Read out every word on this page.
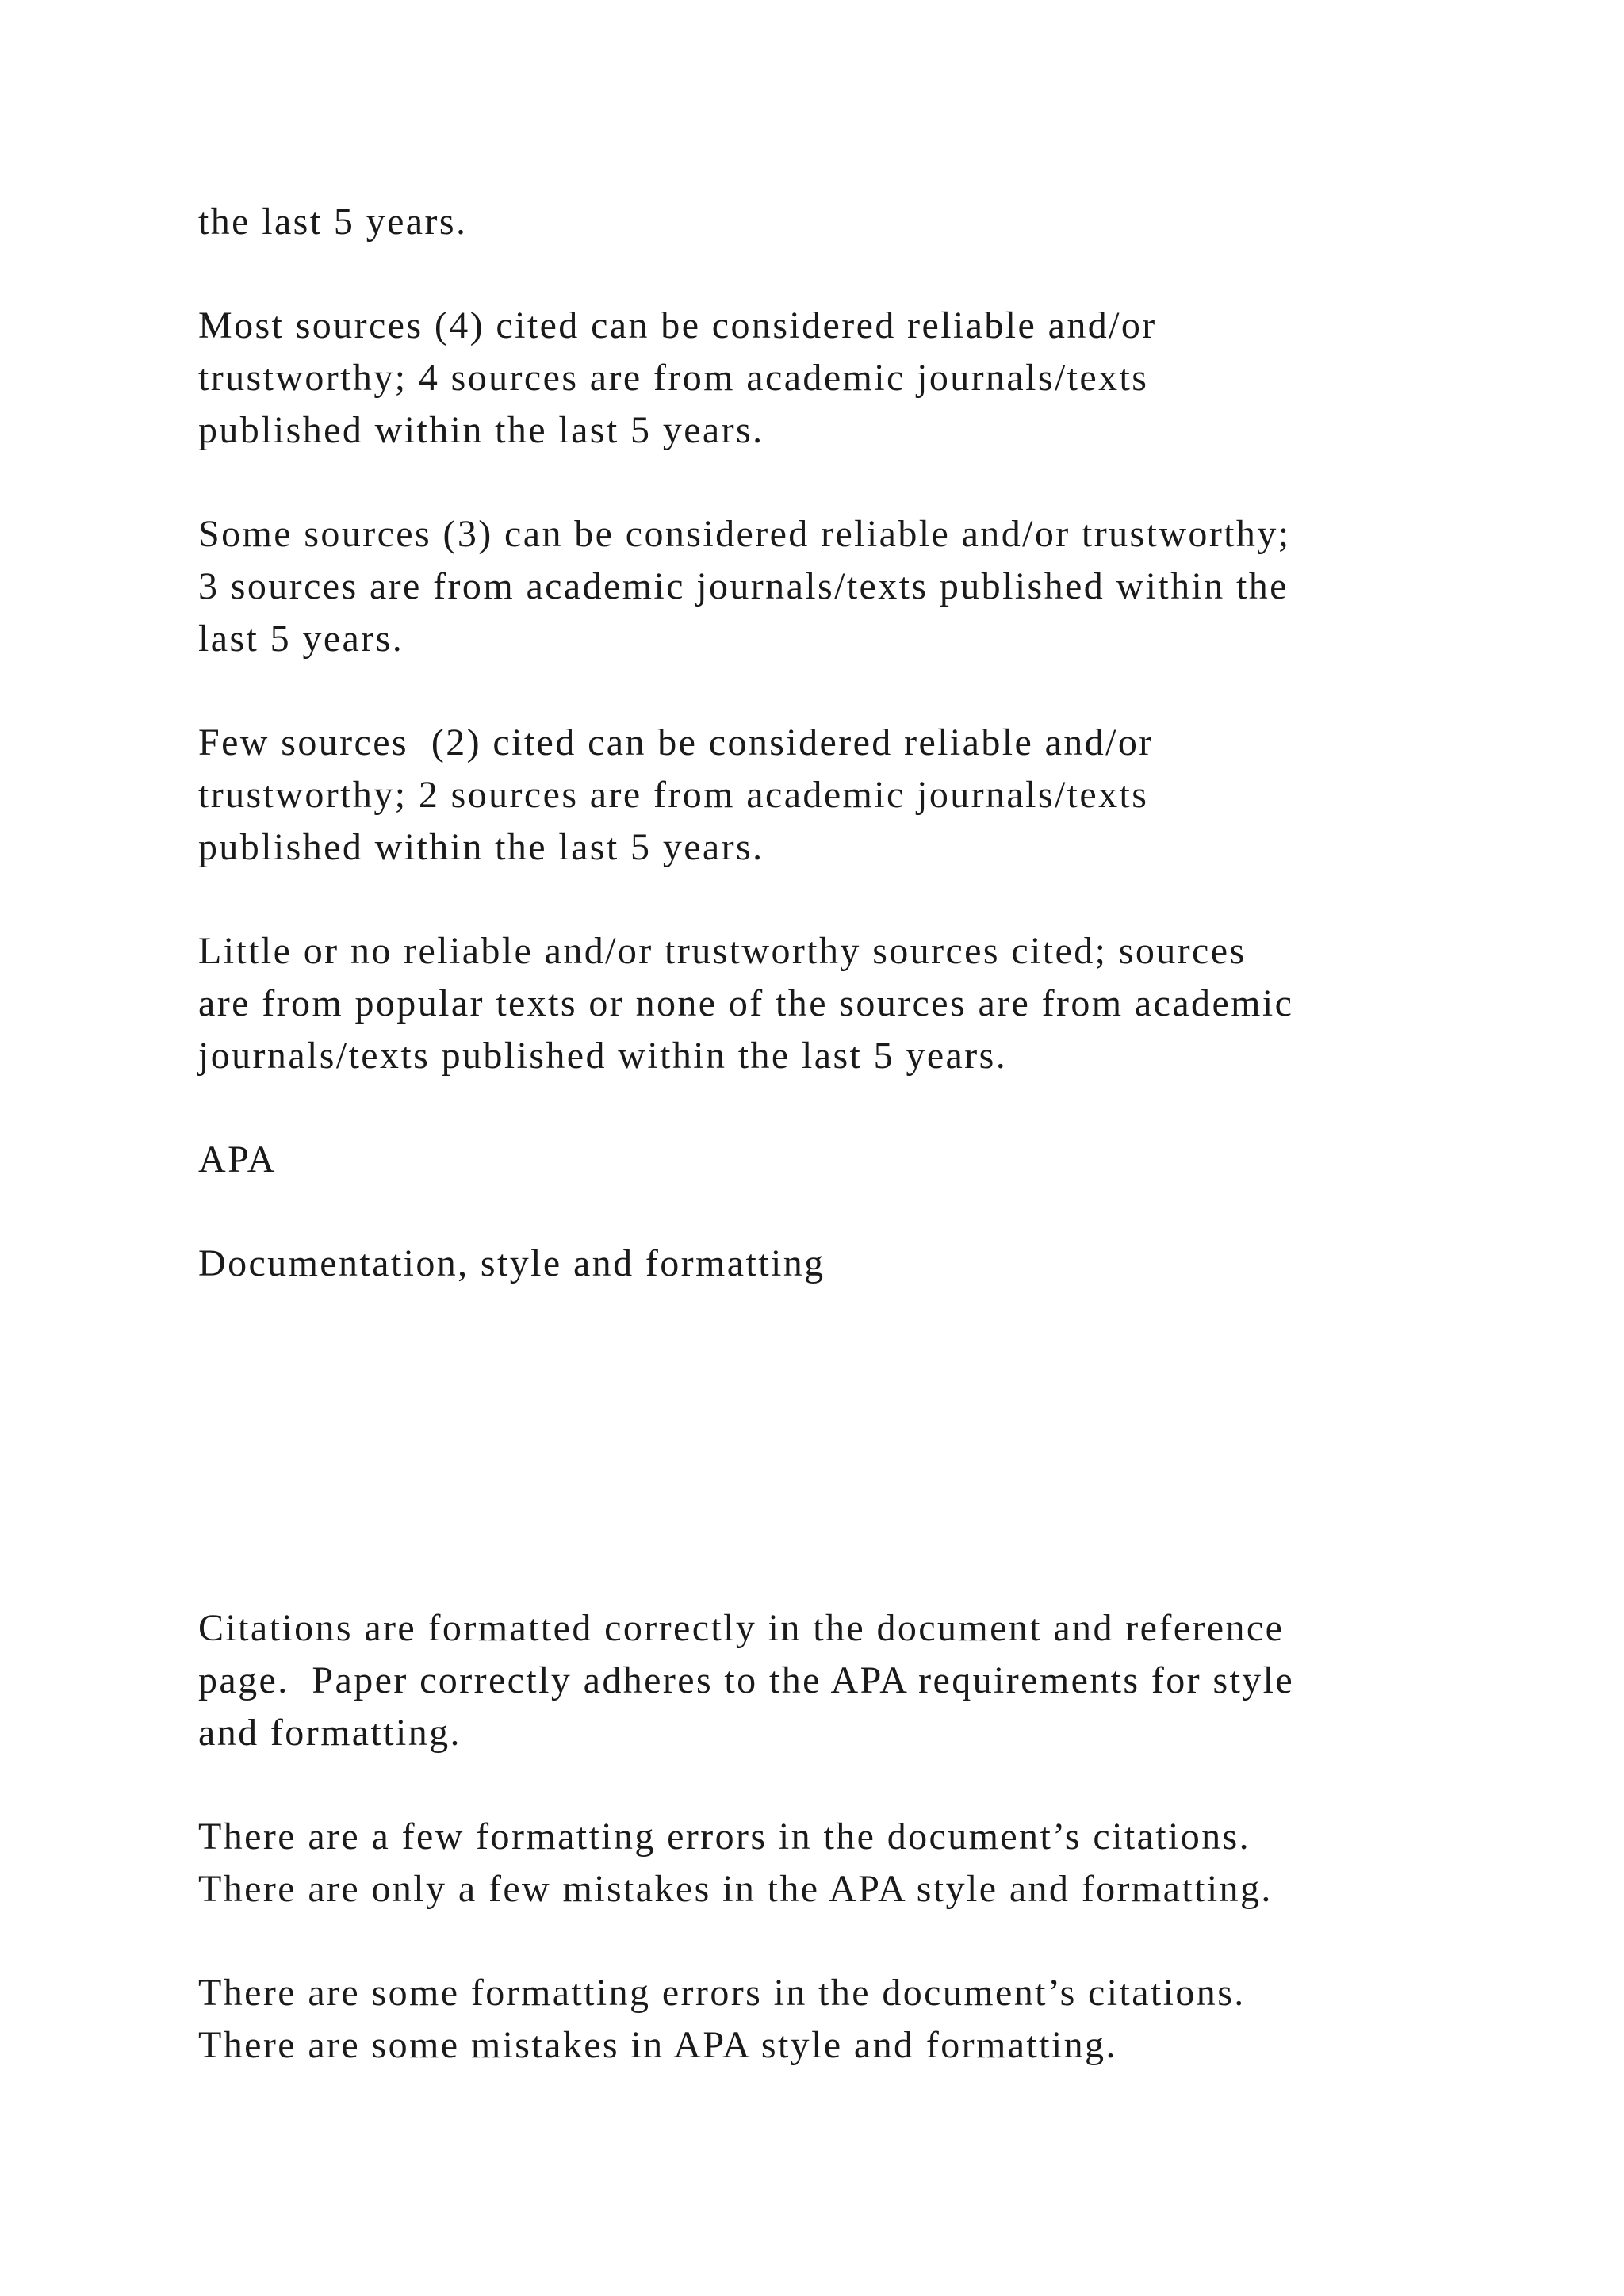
the last 5 years.

Most sources (4) cited can be considered reliable and/or

trustworthy; 4 sources are from academic journals/texts

published within the last 5 years.

Some sources (3) can be considered reliable and/or trustworthy;

3 sources are from academic journals/texts published within the

last 5 years.

Few sources  (2) cited can be considered reliable and/or

trustworthy; 2 sources are from academic journals/texts

published within the last 5 years.

Little or no reliable and/or trustworthy sources cited; sources

are from popular texts or none of the sources are from academic

journals/texts published within the last 5 years.

APA

Documentation, style and formatting

Citations are formatted correctly in the document and reference

page.  Paper correctly adheres to the APA requirements for style

and formatting.

There are a few formatting errors in the document’s citations.

There are only a few mistakes in the APA style and formatting.

There are some formatting errors in the document’s citations.

There are some mistakes in APA style and formatting.
